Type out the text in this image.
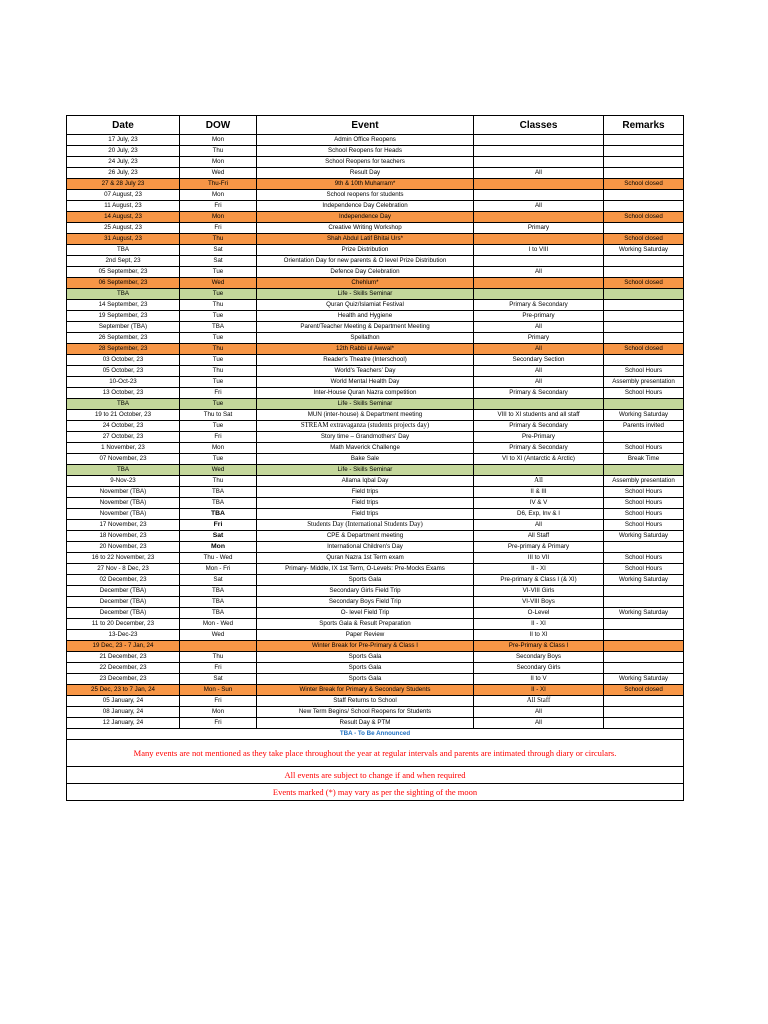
Date	DOW	Event	Classes	Remarks
17 July, 23	Mon	Admin Office Reopens		
20 July, 23	Thu	School Reopens for Heads		
24 July, 23	Mon	School Reopens for teachers		
26 July, 23	Wed	Result Day	All	
27 & 28 July 23	Thu-Fri	9th & 10th Muharram*		School closed
07 August, 23	Mon	School reopens for students		
11 August, 23	Fri	Independence Day Celebration	All	
14 August, 23	Mon	Independence Day		School closed
25 August, 23	Fri	Creative Writing Workshop	Primary	
31 August, 23	Thu	Shah Abdul Latif Bhitai Urs*		School closed
TBA	Sat	Prize Distribution	I to VIII	Working Saturday
2nd Sept, 23	Sat	Orientation Day for new parents & O level Prize Distribution		
05 September, 23	Tue	Defence Day Celebration	All	
06 September, 23	Wed	Chehlum*		School closed
TBA	Tue	Life - Skills Seminar		
14 September, 23	Thu	Quran Quiz/Islamiat Festival	Primary & Secondary	
19 September, 23	Tue	Health and Hygiene	Pre-primary	
September (TBA)	TBA	Parent/Teacher Meeting & Department Meeting	All	
26 September, 23	Tue	Spellathon	Primary	
28 September, 23	Thu	12th Rabbi ul Awwal*	All	School closed
03 October, 23	Tue	Reader's Theatre (Interschool)	Secondary Section	
05 October, 23	Thu	World's Teachers' Day	All	School Hours
10-Oct-23	Tue	World Mental Health Day	All	Assembly presentation
13 October, 23	Fri	Inter-House Quran Nazra competition	Primary & Secondary	School Hours
TBA	Tue	Life - Skills Seminar		
19 to 21 October, 23	Thu to Sat	MUN (inter-house) & Department meeting	VIII to XI students and all staff	Working Saturday
24 October, 23	Tue	STREAM extravaganza (students projects day)	Primary & Secondary	Parents invited
27 October, 23	Fri	Story time – Grandmothers' Day	Pre-Primary	
1 November, 23	Mon	Math Maverick Challenge	Primary & Secondary	School Hours
07 November, 23	Tue	Bake Sale	VI to XI (Antarctic & Arctic)	Break Time
TBA	Wed	Life - Skills Seminar		
9-Nov-23	Thu	Allama Iqbal Day	All	Assembly presentation
November (TBA)	TBA	Field trips	II & III	School Hours
November (TBA)	TBA	Field trips	IV & V	School Hours
November (TBA)	TBA	Field trips	D6, Exp, Inv & I	School Hours
17 November, 23	Fri	Students Day (International Students Day)	All	School Hours
18 November, 23	Sat	CPE & Department meeting	All Staff	Working Saturday
20 November, 23	Mon	International Children's Day	Pre-primary & Primary	
16 to 22 November, 23	Thu - Wed	Quran Nazra 1st Term exam	III to VII	School Hours
27 Nov - 8 Dec, 23	Mon - Fri	Primary- Middle, IX 1st Term, O-Levels: Pre-Mocks Exams	II - XI	School Hours
02 December, 23	Sat	Sports Gala	Pre-primary & Class I (& XI)	Working Saturday
December (TBA)	TBA	Secondary Girls Field Trip	VI-VIII Girls	
December (TBA)	TBA	Secondary Boys Field Trip	VI-VIII Boys	
December (TBA)	TBA	O- level Field Trip	O-Level	Working Saturday
11 to 20 December, 23	Mon - Wed	Sports Gala & Result Preparation	II - XI	
13-Dec-23	Wed	Paper Review	II to XI	
19 Dec, 23 - 7 Jan, 24		Winter Break for Pre-Primary & Class I	Pre-Primary & Class I	
21 December, 23	Thu	Sports Gala	Secondary Boys	
22 December, 23	Fri	Sports Gala	Secondary Girls	
23 December, 23	Sat	Sports Gala	II to V	Working Saturday
25 Dec, 23 to 7 Jan, 24	Mon - Sun	Winter Break for Primary & Secondary Students	II - XI	School closed
05 January, 24	Fri	Staff Returns to School	All Staff	
08 January, 24	Mon	New Term Begins/ School Reopens for Students	All	
12 January, 24	Fri	Result Day & PTM	All	
TBA - To Be Announced				
Many events are not mentioned as they take place throughout the year at regular intervals and parents are intimated through diary or circulars.				
All events are subject to change if and when required				
Events marked (*) may vary as per the sighting of the moon				
